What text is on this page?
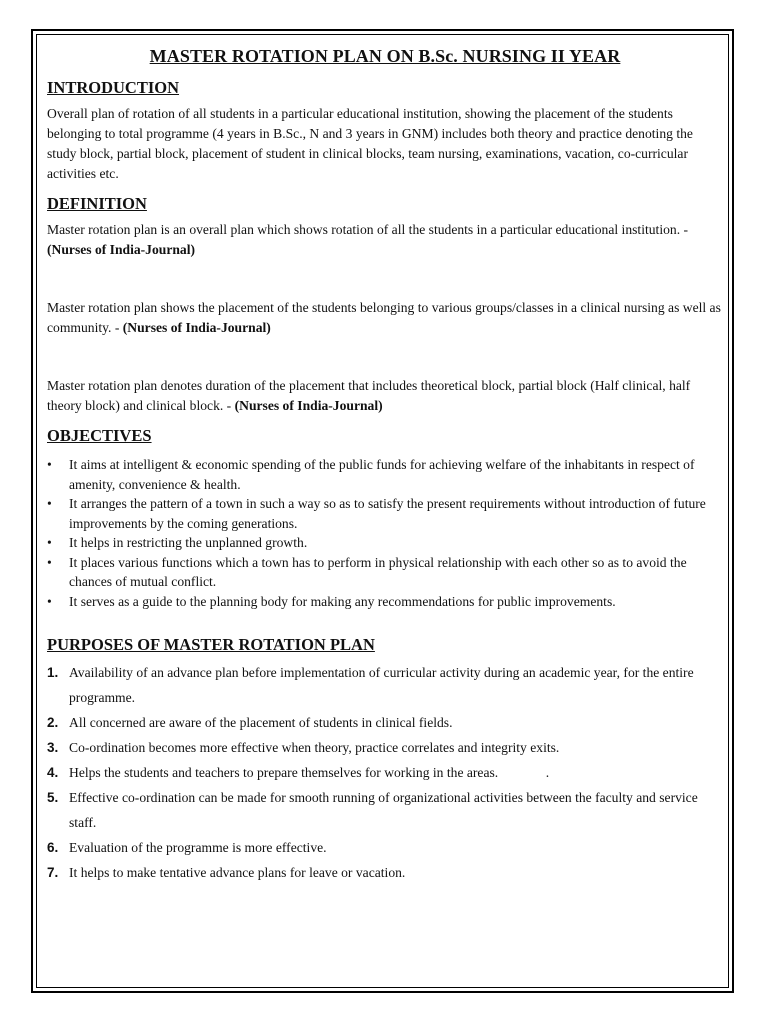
MASTER ROTATION PLAN ON B.Sc. NURSING II YEAR
INTRODUCTION

Overall plan of rotation of all students in a particular educational institution, showing the placement of the students belonging to total programme (4 years in B.Sc., N and 3 years in GNM) includes both theory and practice denoting the study block, partial block, placement of student in clinical blocks, team nursing, examinations, vacation, co-curricular activities etc.

DEFINITION

Master rotation plan is an overall plan which shows rotation of all the students in a particular educational institution. - (Nurses of India-Journal)

Master rotation plan shows the placement of the students belonging to various groups/classes in a clinical nursing as well as community. - (Nurses of India-Journal)

Master rotation plan denotes duration of the placement that includes theoretical block, partial block (Half clinical, half theory block) and clinical block. - (Nurses of India-Journal)

OBJECTIVES
• It aims at intelligent & economic spending of the public funds for achieving welfare of the inhabitants in respect of amenity, convenience & health.
• It arranges the pattern of a town in such a way so as to satisfy the present requirements without introduction of future improvements by the coming generations.
• It helps in restricting the unplanned growth.
• It places various functions which a town has to perform in physical relationship with each other so as to avoid the chances of mutual conflict.
• It serves as a guide to the planning body for making any recommendations for public improvements.
PURPOSES OF MASTER ROTATION PLAN
1. Availability of an advance plan before implementation of curricular activity during an academic year, for the entire programme.
2. All concerned are aware of the placement of students in clinical fields.
3. Co-ordination becomes more effective when theory, practice correlates and integrity exits.
4. Helps the students and teachers to prepare themselves for working in the areas.              .
5. Effective co-ordination can be made for smooth running of organizational activities between the faculty and service staff.
6. Evaluation of the programme is more effective.
7. It helps to make tentative advance plans for leave or vacation.
